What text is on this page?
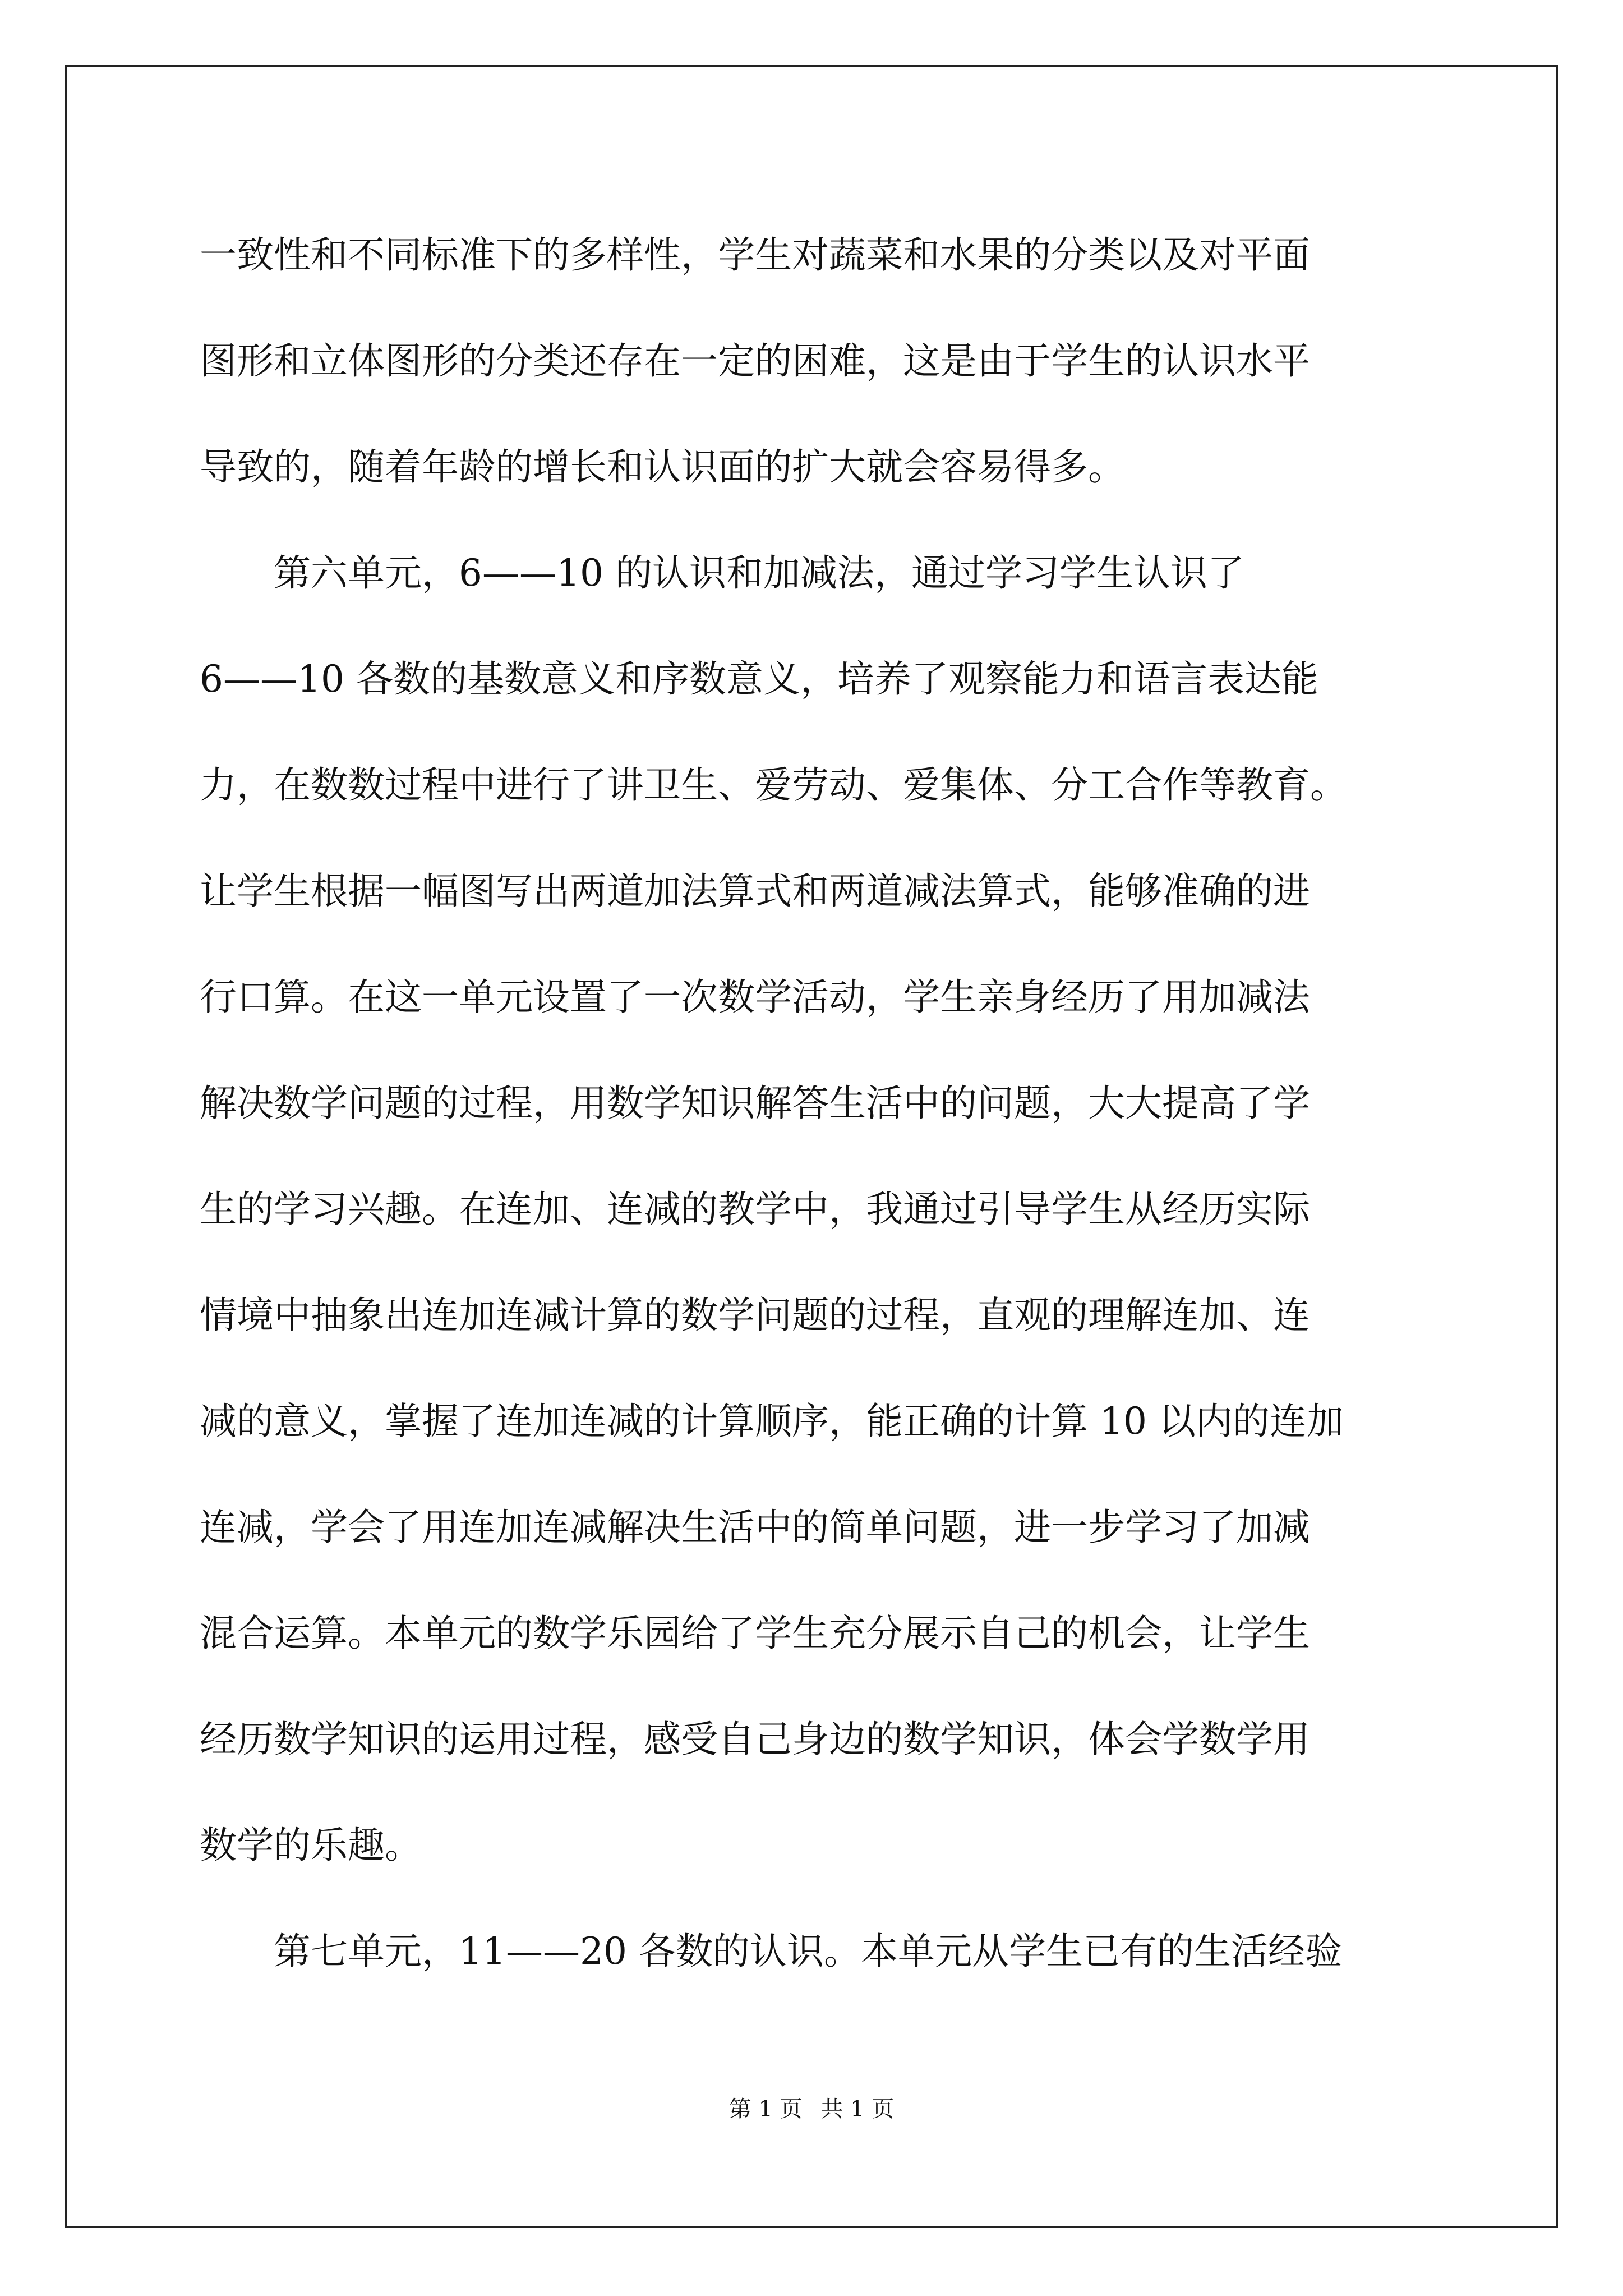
一致性和不同标准下的多样性，学生对蔬菜和水果的分类以及对平面
图形和立体图形的分类还存在一定的困难，这是由于学生的认识水平
导致的，随着年龄的增长和认识面的扩大就会容易得多。
　　第六单元，6——10 的认识和加减法，通过学习学生认识了
6——10 各数的基数意义和序数意义，培养了观察能力和语言表达能
力，在数数过程中进行了讲卫生、爱劳动、爱集体、分工合作等教育。
让学生根据一幅图写出两道加法算式和两道减法算式，能够准确的进
行口算。在这一单元设置了一次数学活动，学生亲身经历了用加减法
解决数学问题的过程，用数学知识解答生活中的问题，大大提高了学
生的学习兴趣。在连加、连减的教学中，我通过引导学生从经历实际
情境中抽象出连加连减计算的数学问题的过程，直观的理解连加、连
减的意义，掌握了连加连减的计算顺序，能正确的计算 10 以内的连加
连减，学会了用连加连减解决生活中的简单问题，进一步学习了加减
混合运算。本单元的数学乐园给了学生充分展示自己的机会，让学生
经历数学知识的运用过程，感受自己身边的数学知识，体会学数学用
数学的乐趣。
　　第七单元，11——20 各数的认识。本单元从学生已有的生活经验
第 1 页 共 1 页
